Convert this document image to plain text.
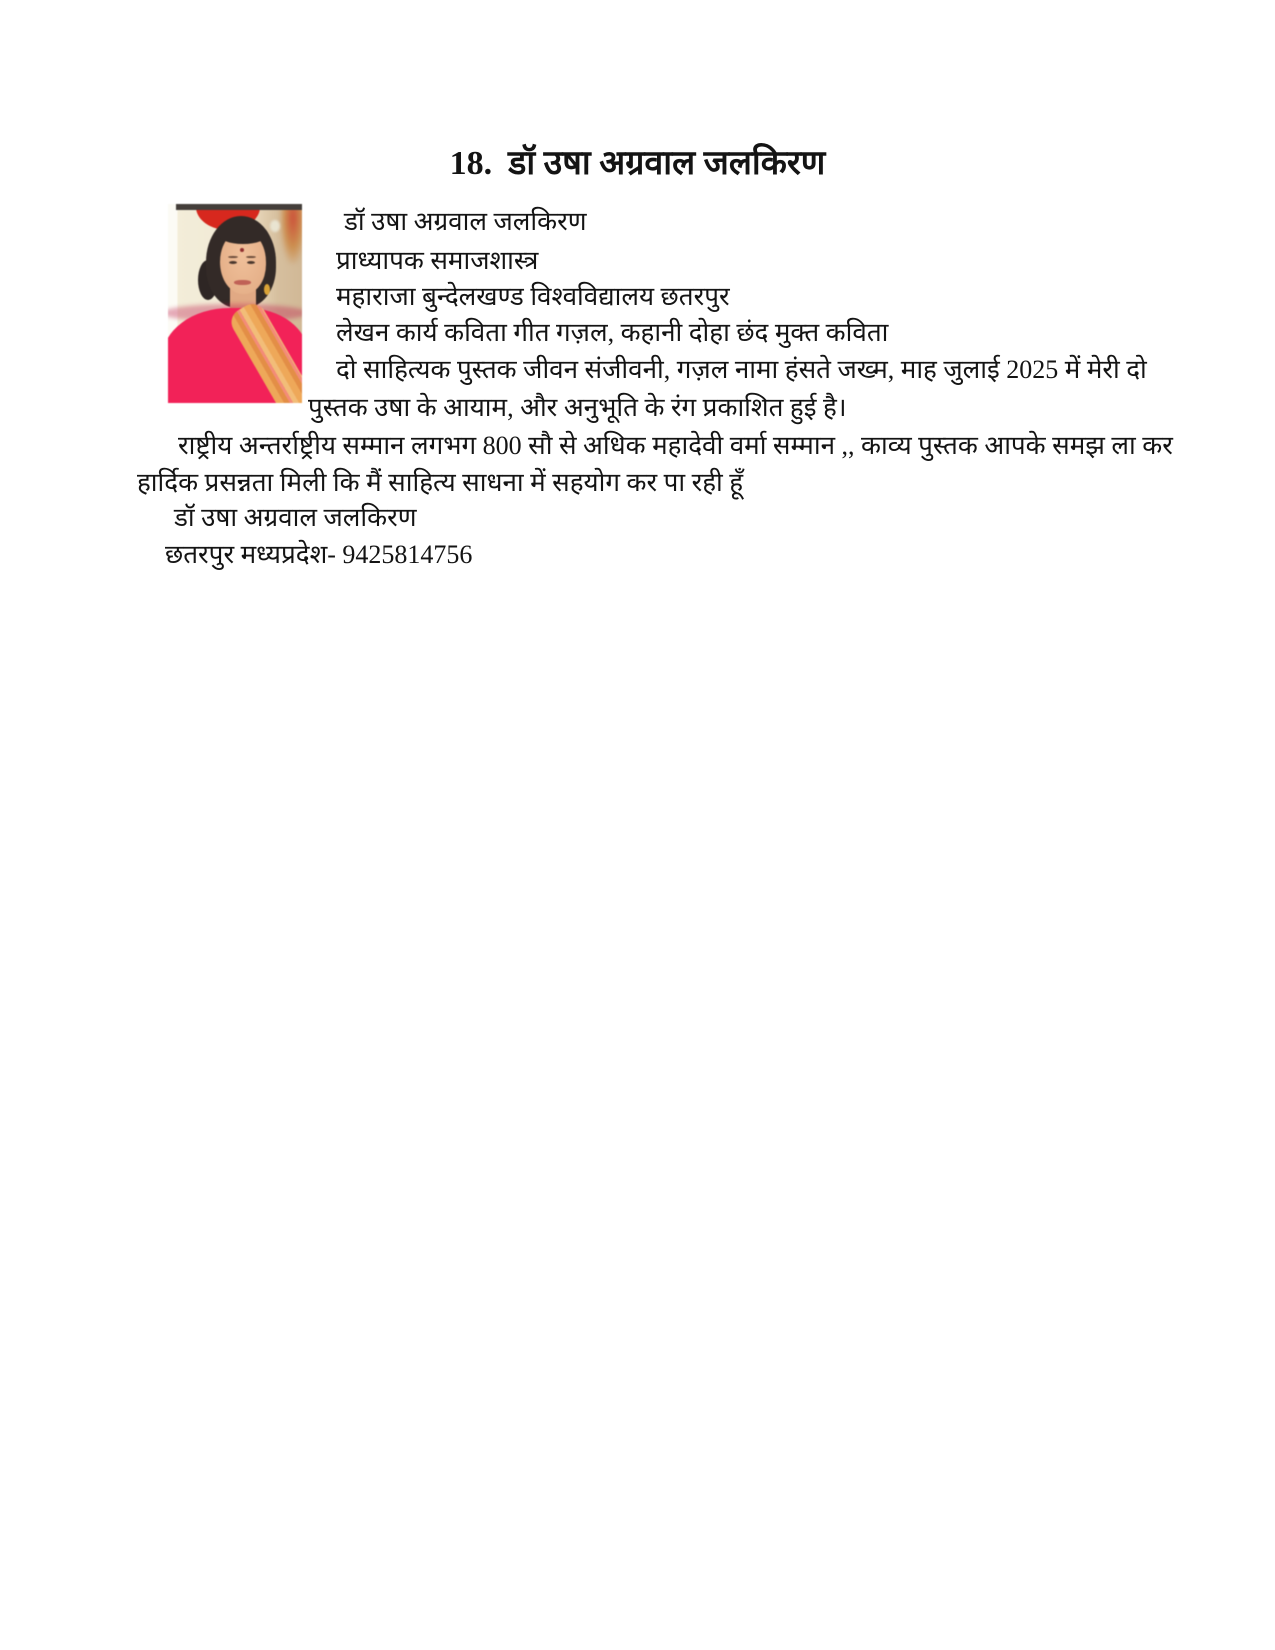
18. डॉ उषा अग्रवाल जलकिरण
डॉ उषा अग्रवाल जलकिरण
प्राध्यापक समाजशास्त्र
महाराजा बुन्देलखण्ड विश्वविद्यालय छतरपुर
लेखन कार्य कविता गीत गज़ल, कहानी दोहा छंद मुक्त कविता
दो साहित्यक पुस्तक जीवन संजीवनी, गज़ल नामा हंसते जख्म, माह जुलाई 2025 में मेरी दो
पुस्तक उषा के आयाम, और अनुभूति के रंग प्रकाशित हुई है।
राष्ट्रीय अन्तर्राष्ट्रीय सम्मान लगभग 800 सौ से अधिक महादेवी वर्मा सम्मान ,, काव्य पुस्तक आपके समझ ला कर
हार्दिक प्रसन्नता मिली कि मैं साहित्य साधना में सहयोग कर पा रही हूँ
डॉ उषा अग्रवाल जलकिरण
छतरपुर मध्यप्रदेश- 9425814756
